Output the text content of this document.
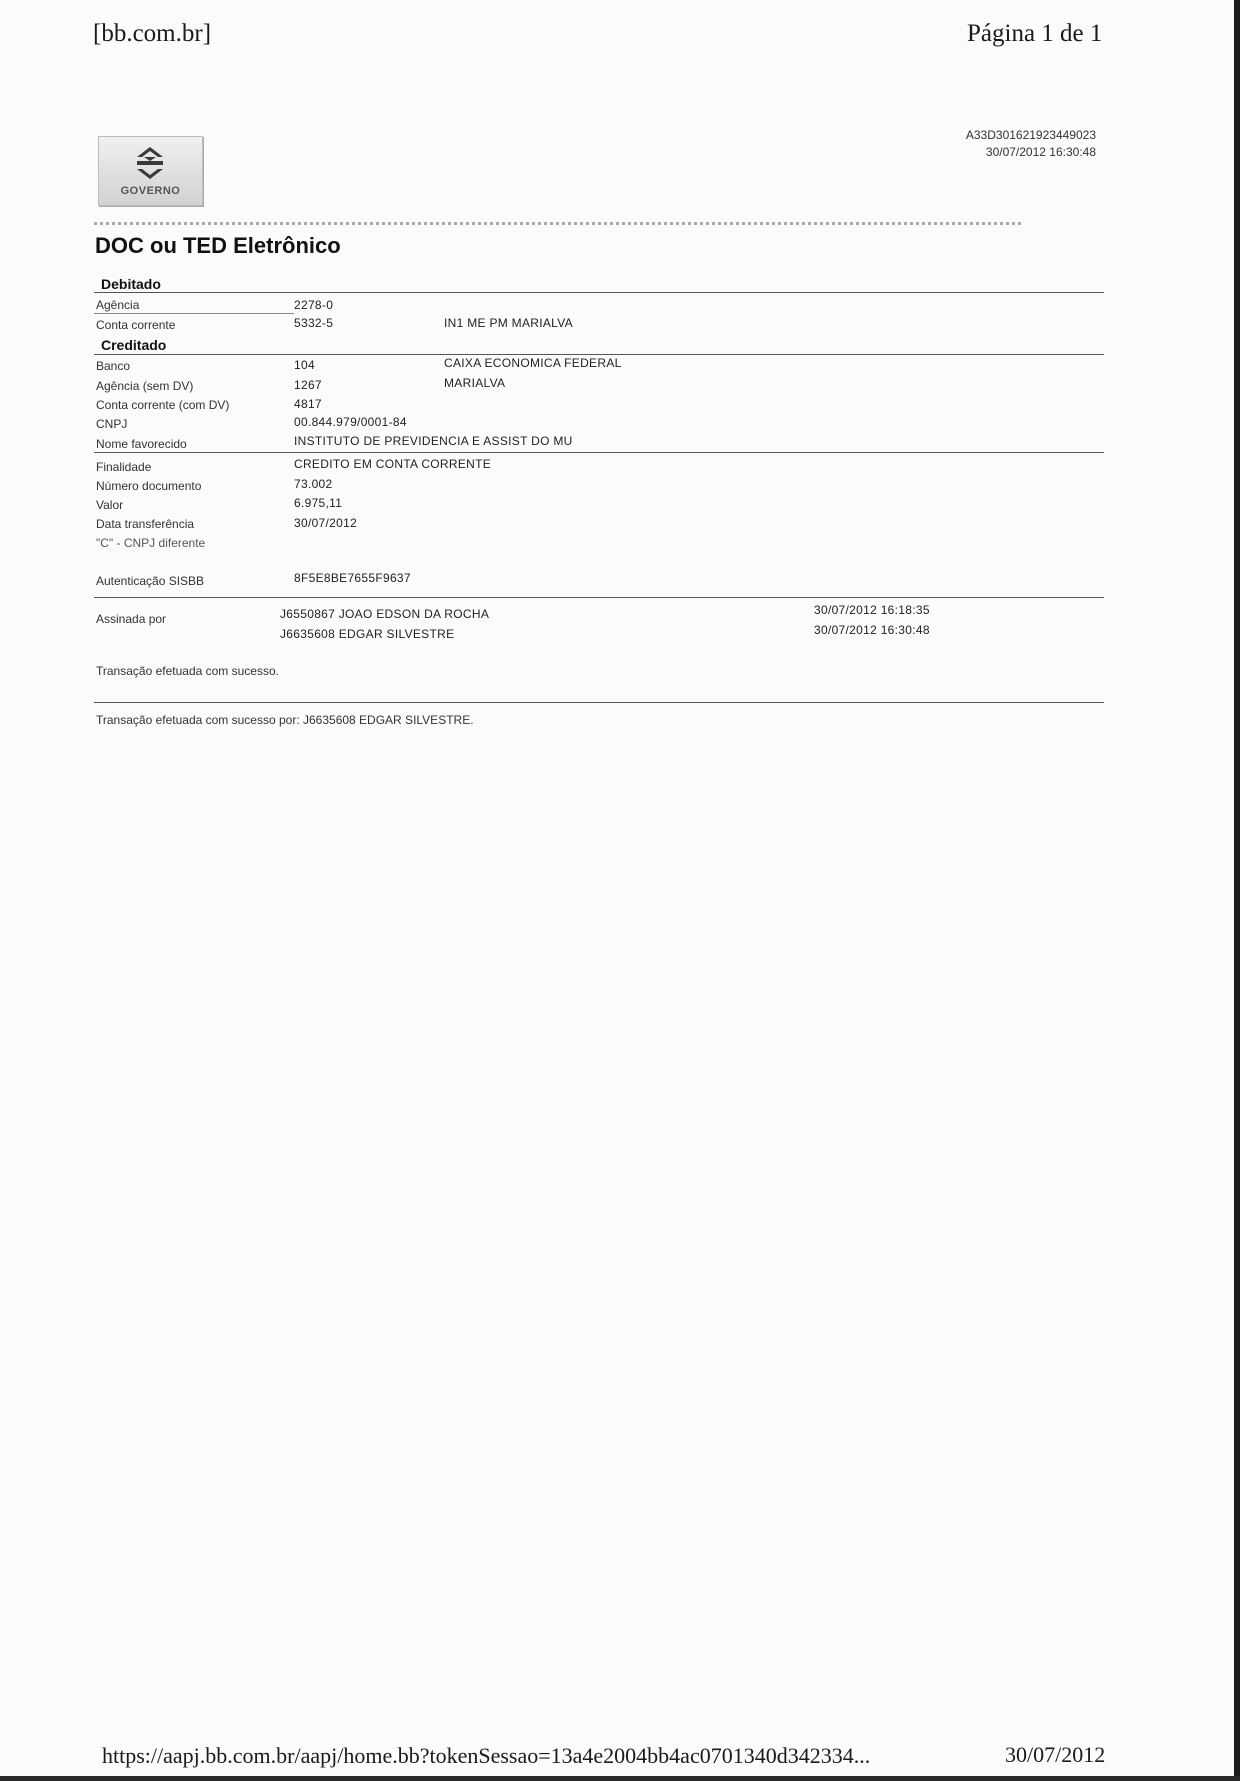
[bb.com.br]	Página 1 de 1
GOVERNO
A33D301621923449023
30/07/2012 16:30:48
DOC ou TED Eletrônico
Debitado
Agência	2278-0
Conta corrente	5332-5	IN1 ME PM MARIALVA
Creditado
Banco	104	CAIXA ECONOMICA FEDERAL
Agência (sem DV)	1267	MARIALVA
Conta corrente (com DV)	4817
CNPJ	00.844.979/0001-84
Nome favorecido	INSTITUTO DE PREVIDENCIA E ASSIST DO MU
Finalidade	CREDITO EM CONTA CORRENTE
Número documento	73.002
Valor	6.975,11
Data transferência	30/07/2012
"C" - CNPJ diferente
Autenticação SISBB	8F5E8BE7655F9637
Assinada por	J6550867 JOAO EDSON DA ROCHA	30/07/2012 16:18:35
J6635608 EDGAR SILVESTRE	30/07/2012 16:30:48
Transação efetuada com sucesso.
Transação efetuada com sucesso por: J6635608 EDGAR SILVESTRE.
https://aapj.bb.com.br/aapj/home.bb?tokenSessao=13a4e2004bb4ac0701340d342334...	30/07/2012
